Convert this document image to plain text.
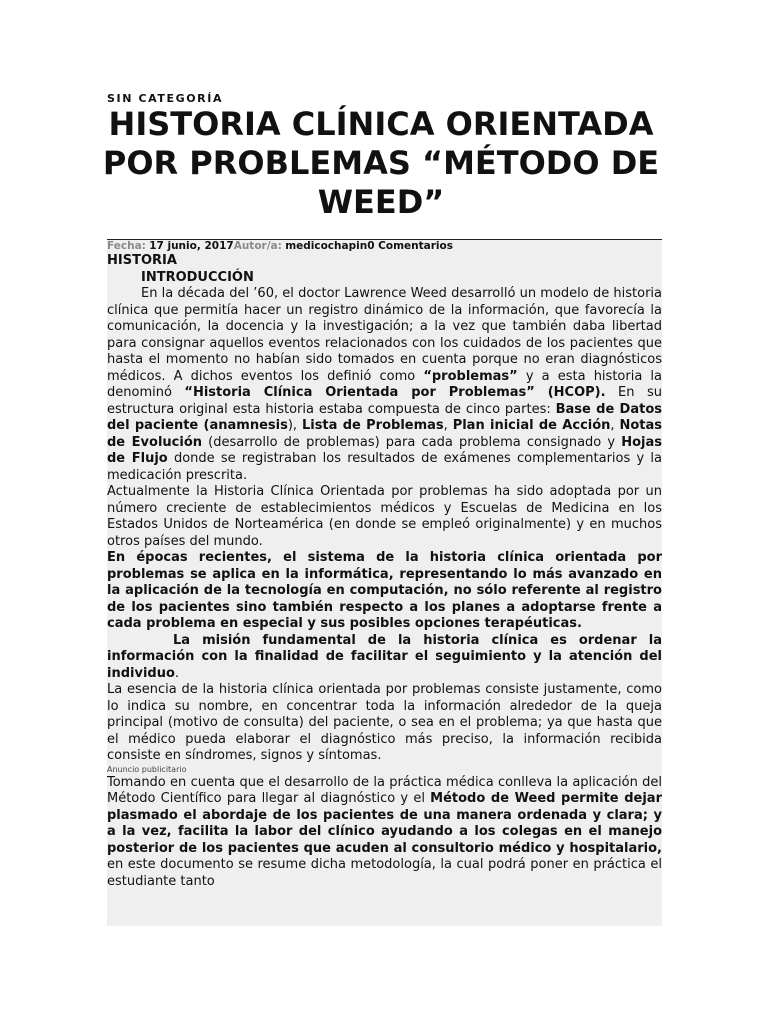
SIN CATEGORÍA
HISTORIA CLÍNICA ORIENTADA POR PROBLEMAS “MÉTODO DE WEED”
Fecha: 17 junio, 2017Autor/a: medicochapin0 Comentarios
HISTORIA
INTRODUCCIÓN

En la década del ’60, el doctor Lawrence Weed desarrolló un modelo de historia clínica que permitía hacer un registro dinámico de la información, que favorecía la comunicación, la docencia y la investigación; a la vez que también daba libertad para consignar aquellos eventos relacionados con los cuidados de los pacientes que hasta el momento no habían sido tomados en cuenta porque no eran diagnósticos médicos. A dichos eventos los definió como “problemas” y a esta historia la denominó “Historia Clínica Orientada por Problemas” (HCOP). En su estructura original esta historia estaba compuesta de cinco partes: Base de Datos del paciente (anamnesis), Lista de Problemas, Plan inicial de Acción, Notas de Evolución (desarrollo de problemas) para cada problema consignado y Hojas de Flujo donde se registraban los resultados de exámenes complementarios y la medicación prescrita.

Actualmente la Historia Clínica Orientada por problemas ha sido adoptada por un número creciente de establecimientos médicos y Escuelas de Medicina en los Estados Unidos de Norteamérica (en donde se empleó originalmente) y en muchos otros países del mundo.

En épocas recientes, el sistema de la historia clínica orientada por problemas se aplica en la informática, representando lo más avanzado en la aplicación de la tecnología en computación, no sólo referente al registro de los pacientes sino también respecto a los planes a adoptarse frente a cada problema en especial y sus posibles opciones terapéuticas.

La misión fundamental de la historia clínica es ordenar la información con la finalidad de facilitar el seguimiento y la atención del individuo.

La esencia de la historia clínica orientada por problemas consiste justamente, como lo indica su nombre, en concentrar toda la información alrededor de la queja principal (motivo de consulta) del paciente, o sea en el problema; ya que hasta que el médico pueda elaborar el diagnóstico más preciso, la información recibida consiste en síndromes, signos y síntomas.

Anuncio publicitario

Tomando en cuenta que el desarrollo de la práctica médica conlleva la aplicación del Método Científico para llegar al diagnóstico y el Método de Weed permite dejar plasmado el abordaje de los pacientes de una manera ordenada y clara; y a la vez, facilita la labor del clínico ayudando a los colegas en el manejo posterior de los pacientes que acuden al consultorio médico y hospitalario, en este documento se resume dicha metodología, la cual podrá poner en práctica el estudiante tanto
